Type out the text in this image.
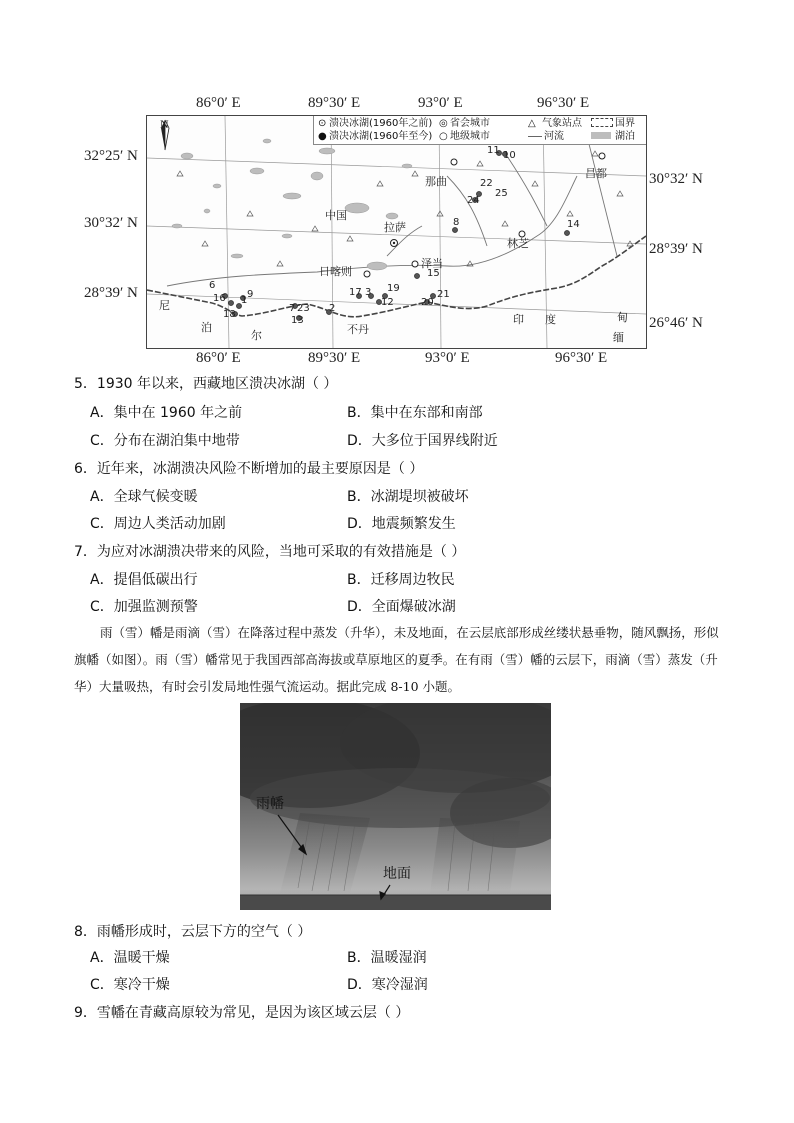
86°0′ E	89°30′ E	93°0′ E	96°30′ E
32°25′ N
30°32′ N
28°39′ N
30°32′ N
28°39′ N
26°46′ N
86°0′ E	89°30′ E	93°0′ E	96°30′ E
N	⊙ 溃决冰湖(1960年之前)
● 溃决冰湖(1960年至今)
◎ 省会城市
○ 地级城市
△ 气象站点
河流
国界
湖泊
那曲
昌都
中国
拉萨
林芝
日喀则
泽当
尼
泊
尔	不丹
印 度	甸
缅
11 10
22
25
24
8	14
15
6
16 1
9
18
7 23 2
17 3 19
12
13
20
21
5．1930 年以来，西藏地区溃决冰湖（ ）
A．集中在 1960 年之前	B．集中在东部和南部
C．分布在湖泊集中地带	D．大多位于国界线附近
6．近年来，冰湖溃决风险不断增加的最主要原因是（ ）
A．全球气候变暖	B．冰湖堤坝被破坏
C．周边人类活动加剧	D．地震频繁发生
7．为应对冰湖溃决带来的风险，当地可采取的有效措施是（ ）
A．提倡低碳出行	B．迁移周边牧民
C．加强监测预警	D．全面爆破冰湖
雨（雪）幡是雨滴（雪）在降落过程中蒸发（升华），未及地面，在云层底部形成丝缕状悬垂物，随风飘扬，形似旗幡（如图）。雨（雪）幡常见于我国西部高海拔或草原地区的夏季。在有雨（雪）幡的云层下，雨滴（雪）蒸发（升华）大量吸热，有时会引发局地性强气流运动。据此完成 8-10 小题。
雨幡
地面
8．雨幡形成时，云层下方的空气（ ）
A．温暖干燥	B．温暖湿润
C．寒冷干燥	D．寒冷湿润
9．雪幡在青藏高原较为常见，是因为该区域云层（ ）
